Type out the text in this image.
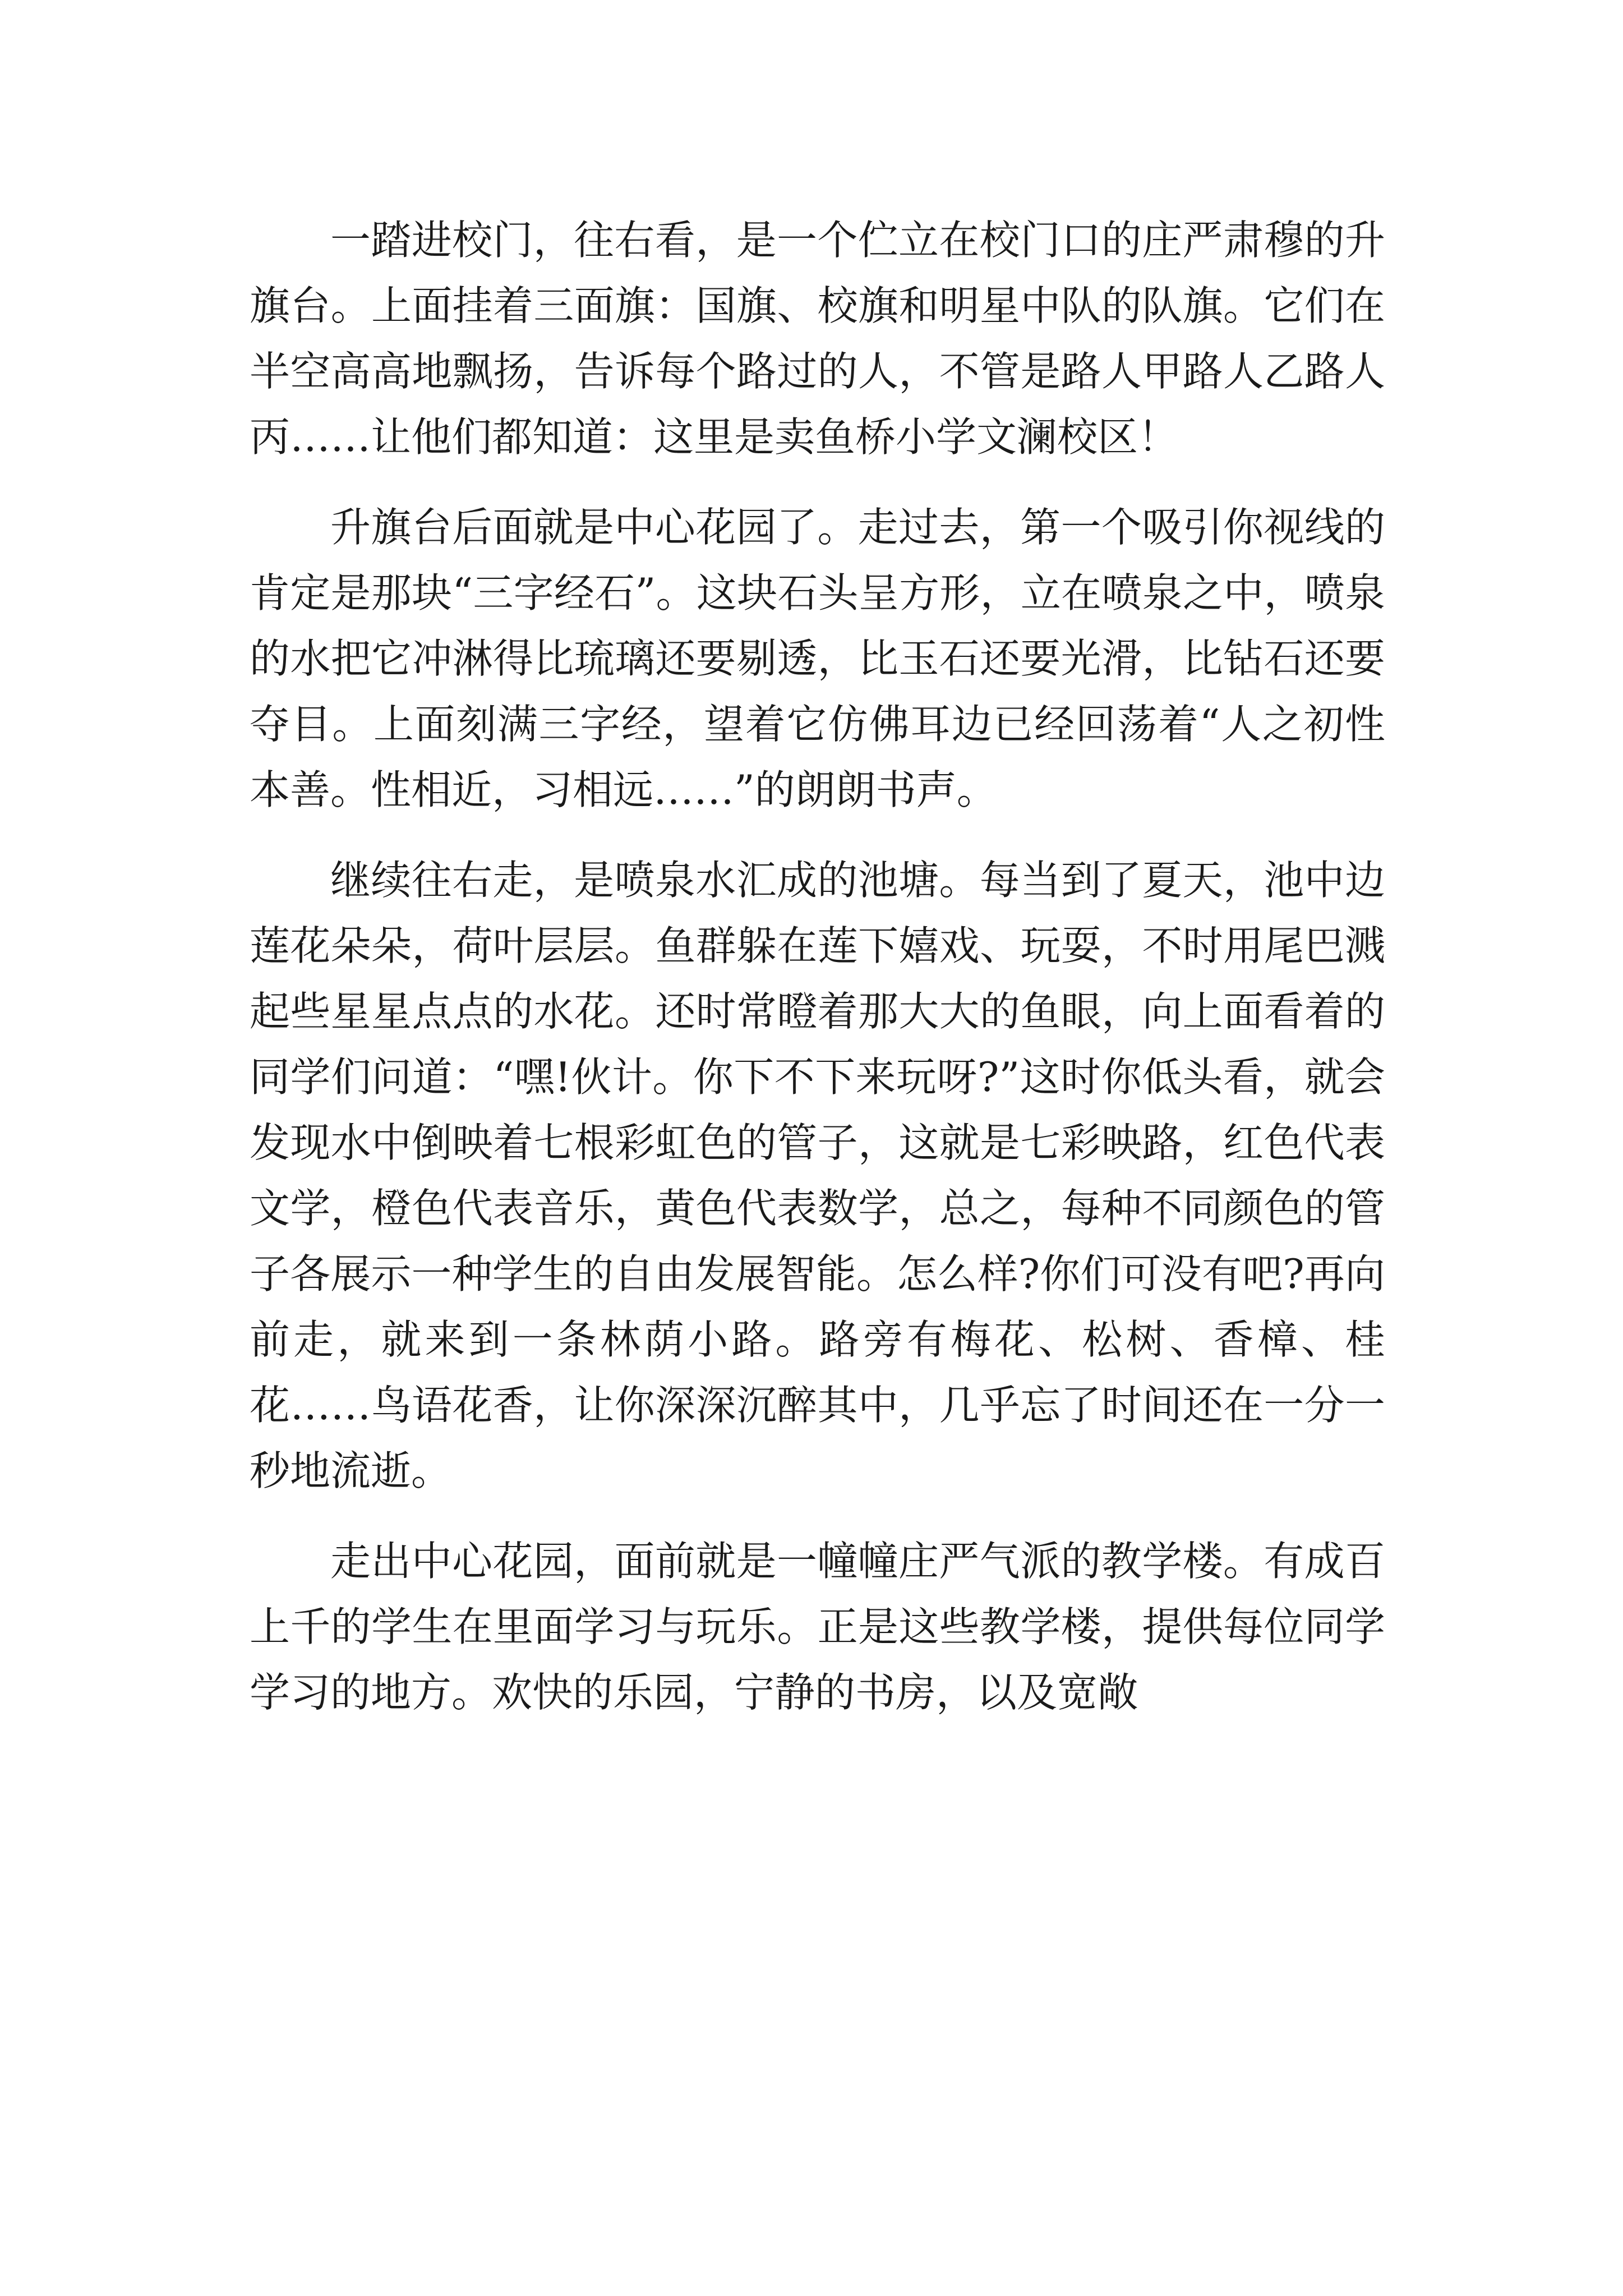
一踏进校门，往右看，是一个伫立在校门口的庄严肃穆的升旗台。上面挂着三面旗：国旗、校旗和明星中队的队旗。它们在半空高高地飘扬，告诉每个路过的人，不管是路人甲路人乙路人丙……让他们都知道：这里是卖鱼桥小学文澜校区！

升旗台后面就是中心花园了。走过去，第一个吸引你视线的肯定是那块“三字经石”。这块石头呈方形，立在喷泉之中，喷泉的水把它冲淋得比琉璃还要剔透，比玉石还要光滑，比钻石还要夺目。上面刻满三字经，望着它仿佛耳边已经回荡着“人之初性本善。性相近，习相远……”的朗朗书声。

继续往右走，是喷泉水汇成的池塘。每当到了夏天，池中边莲花朵朵，荷叶层层。鱼群躲在莲下嬉戏、玩耍，不时用尾巴溅起些星星点点的水花。还时常瞪着那大大的鱼眼，向上面看着的同学们问道：“嘿!伙计。你下不下来玩呀?”这时你低头看，就会发现水中倒映着七根彩虹色的管子，这就是七彩映路，红色代表文学，橙色代表音乐，黄色代表数学，总之，每种不同颜色的管子各展示一种学生的自由发展智能。怎么样?你们可没有吧?再向前走，就来到一条林荫小路。路旁有梅花、松树、香樟、桂花……鸟语花香，让你深深沉醉其中，几乎忘了时间还在一分一秒地流逝。

走出中心花园，面前就是一幢幢庄严气派的教学楼。有成百上千的学生在里面学习与玩乐。正是这些教学楼，提供每位同学学习的地方。欢快的乐园，宁静的书房，以及宽敞
